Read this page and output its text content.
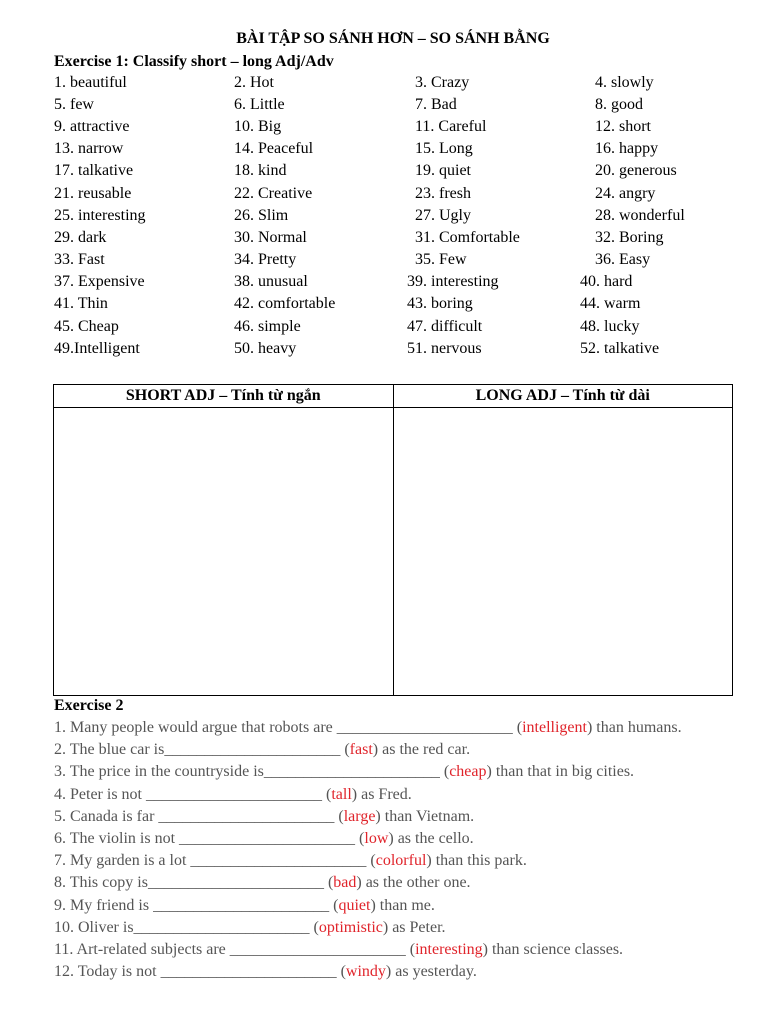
BÀI TẬP SO SÁNH HƠN – SO SÁNH BẰNG
Exercise 1: Classify short – long Adj/Adv
1. beautiful	2. Hot	3. Crazy	4. slowly
5. few	6. Little	7. Bad	8. good
9. attractive	10. Big	11. Careful	12. short
13. narrow	14. Peaceful	15. Long	16. happy
17. talkative	18. kind	19. quiet	20. generous
21. reusable	22. Creative	23. fresh	24. angry
25. interesting	26. Slim	27. Ugly	28. wonderful
29. dark	30. Normal	31. Comfortable	32. Boring
33. Fast	34. Pretty	35. Few	36. Easy
37. Expensive	38. unusual	39. interesting	40. hard
41. Thin	42. comfortable	43. boring	44. warm
45. Cheap	46. simple	47. difficult	48. lucky
49.Intelligent	50. heavy	51. nervous	52. talkative
SHORT ADJ – Tính từ ngắn	LONG ADJ – Tính từ dài

Exercise 2
1. Many people would argue that robots are ______________________ (intelligent) than humans.
2. The blue car is______________________ (fast) as the red car.
3. The price in the countryside is______________________ (cheap) than that in big cities.
4. Peter is not ______________________ (tall) as Fred.
5. Canada is far ______________________ (large) than Vietnam.
6. The violin is not ______________________ (low) as the cello.
7. My garden is a lot ______________________ (colorful) than this park.
8. This copy is______________________ (bad) as the other one.
9. My friend is ______________________ (quiet) than me.
10. Oliver is______________________ (optimistic) as Peter.
11. Art-related subjects are ______________________ (interesting) than science classes.
12. Today is not ______________________ (windy) as yesterday.
